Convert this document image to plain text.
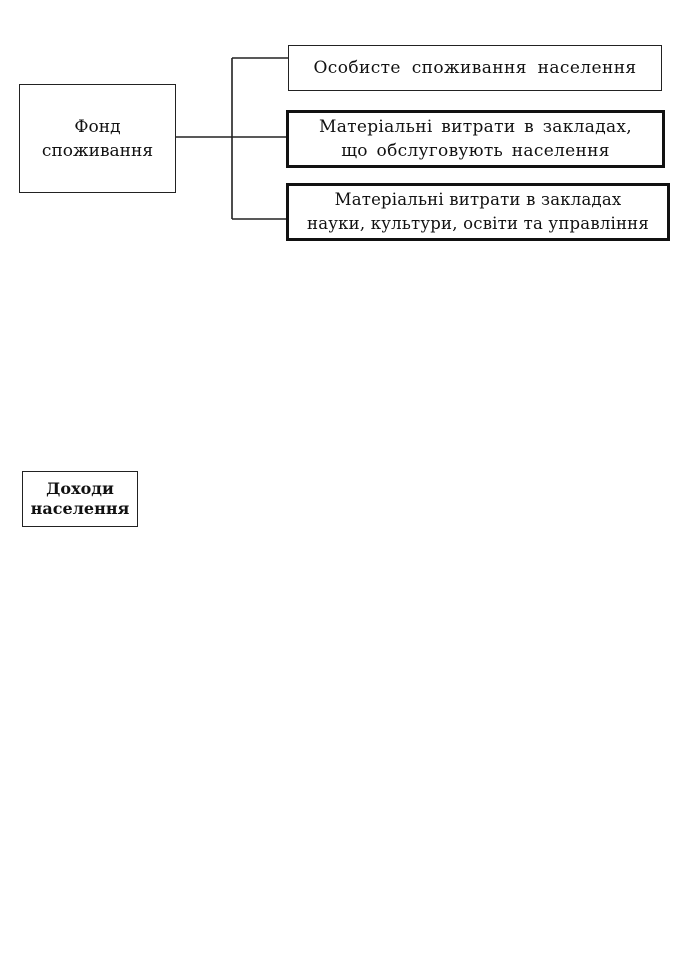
Фонд
споживання
Особисте споживання населення
Матеріальні витрати в закладах,
що обслуговують населення
Матеріальні витрати в закладах
науки, культури, освіти та управління
Доходи
населення
